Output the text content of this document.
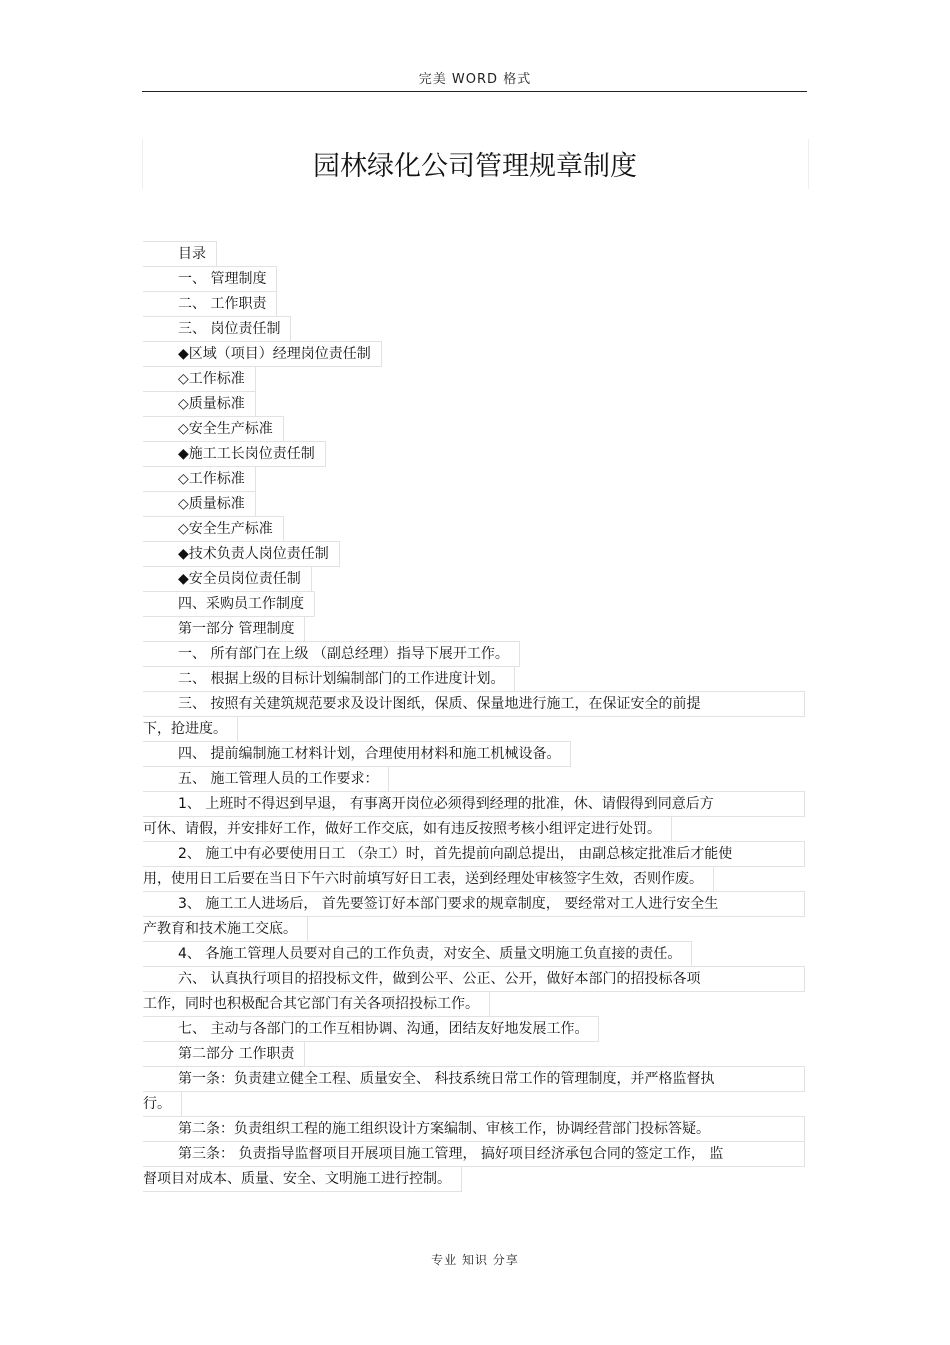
完美 WORD 格式
园林绿化公司管理规章制度
目录
一、 管理制度
二、 工作职责
三、 岗位责任制
◆区域（项目）经理岗位责任制
◇工作标准
◇质量标准
◇安全生产标准
◆施工工长岗位责任制
◇工作标准
◇质量标准
◇安全生产标准
◆技术负责人岗位责任制
◆安全员岗位责任制
四、采购员工作制度
第一部分 管理制度
一、 所有部门在上级 （副总经理）指导下展开工作。
二、 根据上级的目标计划编制部门的工作进度计划。
三、 按照有关建筑规范要求及设计图纸，保质、保量地进行施工，在保证安全的前提
下，抢进度。
四、 提前编制施工材料计划，合理使用材料和施工机械设备。
五、 施工管理人员的工作要求：
1、 上班时不得迟到早退， 有事离开岗位必须得到经理的批准，休、请假得到同意后方
可休、请假，并安排好工作，做好工作交底，如有违反按照考核小组评定进行处罚。
2、 施工中有必要使用日工 （杂工）时，首先提前向副总提出， 由副总核定批准后才能使
用，使用日工后要在当日下午六时前填写好日工表，送到经理处审核签字生效，否则作废。
3、 施工工人进场后， 首先要签订好本部门要求的规章制度， 要经常对工人进行安全生
产教育和技术施工交底。
4、 各施工管理人员要对自己的工作负责，对安全、质量文明施工负直接的责任。
六、 认真执行项目的招投标文件，做到公平、公正、公开，做好本部门的招投标各项
工作，同时也积极配合其它部门有关各项招投标工作。
七、 主动与各部门的工作互相协调、沟通，团结友好地发展工作。
第二部分 工作职责
第一条：负责建立健全工程、质量安全、 科技系统日常工作的管理制度，并严格监督执
行。
第二条：负责组织工程的施工组织设计方案编制、审核工作，协调经营部门投标答疑。
第三条： 负责指导监督项目开展项目施工管理， 搞好项目经济承包合同的签定工作， 监
督项目对成本、质量、安全、文明施工进行控制。
专业 知识 分享
